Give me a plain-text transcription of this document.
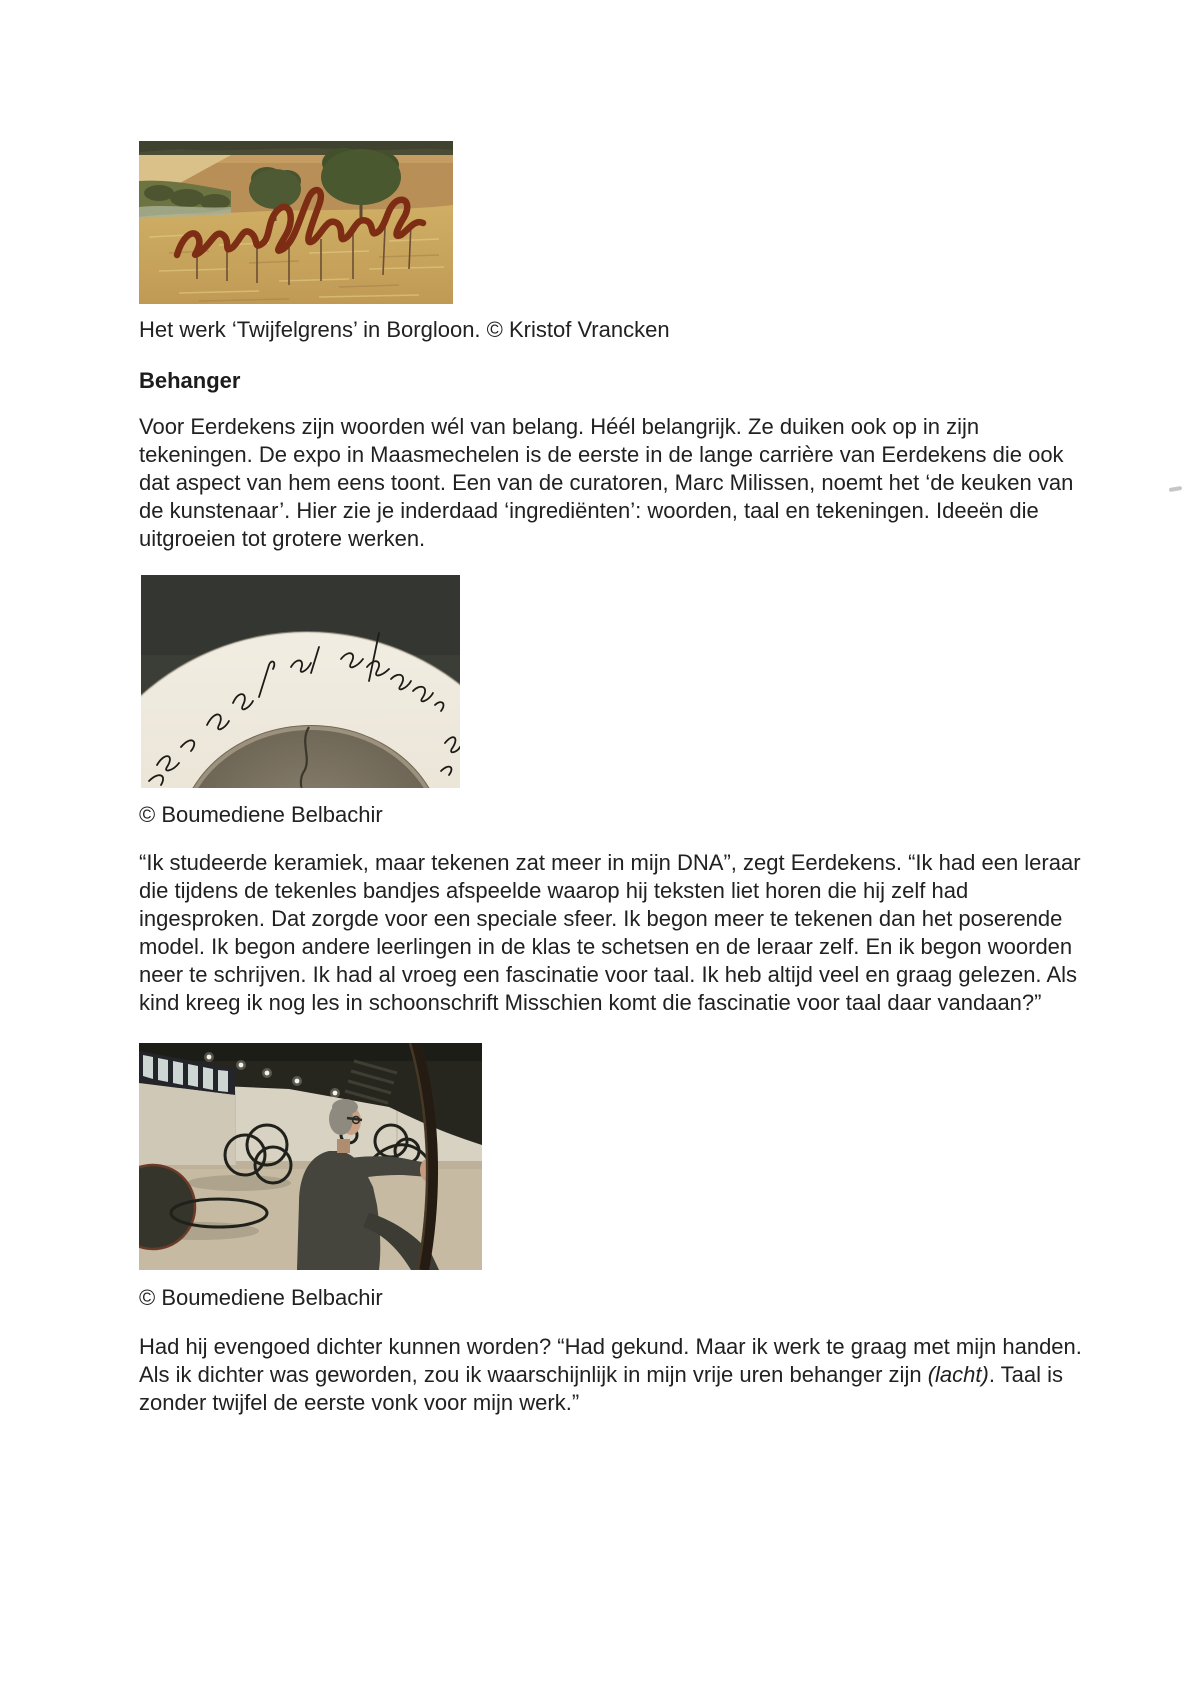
Het werk ‘Twijfelgrens’ in Borgloon. © Kristof Vrancken
Behanger
Voor Eerdekens zijn woorden wél van belang. Héél belangrijk. Ze duiken ook op in zijn
tekeningen. De expo in Maasmechelen is de eerste in de lange carrière van Eerdekens die ook
dat aspect van hem eens toont. Een van de curatoren, Marc Milissen, noemt het ‘de keuken van
de kunstenaar’. Hier zie je inderdaad ‘ingrediënten’: woorden, taal en tekeningen. Ideeën die
uitgroeien tot grotere werken.
© Boumediene Belbachir
“Ik studeerde keramiek, maar tekenen zat meer in mijn DNA”, zegt Eerdekens. “Ik had een leraar
die tijdens de tekenles bandjes afspeelde waarop hij teksten liet horen die hij zelf had
ingesproken. Dat zorgde voor een speciale sfeer. Ik begon meer te tekenen dan het poserende
model. Ik begon andere leerlingen in de klas te schetsen en de leraar zelf. En ik begon woorden
neer te schrijven. Ik had al vroeg een fascinatie voor taal. Ik heb altijd veel en graag gelezen. Als
kind kreeg ik nog les in schoonschrift Misschien komt die fascinatie voor taal daar vandaan?”
© Boumediene Belbachir
Had hij evengoed dichter kunnen worden? “Had gekund. Maar ik werk te graag met mijn handen.
Als ik dichter was geworden, zou ik waarschijnlijk in mijn vrije uren behanger zijn (lacht). Taal is
zonder twijfel de eerste vonk voor mijn werk.”
